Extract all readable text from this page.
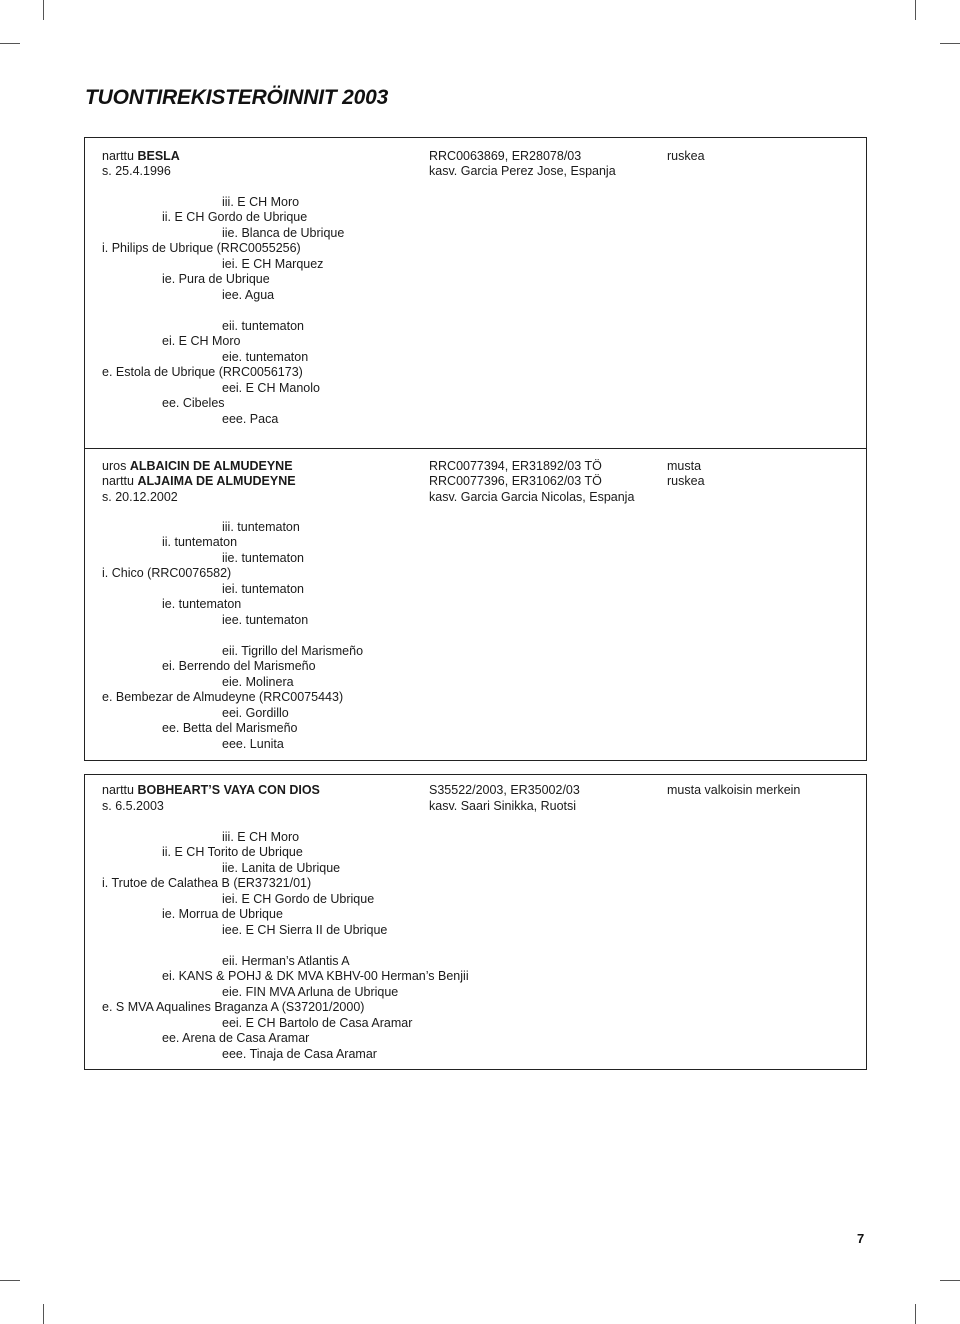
TUONTIREKISTERÖINNIT 2003
narttu BESLA
s. 25.4.1996
RRC0063869, ER28078/03
kasv. Garcia Perez Jose, Espanja
ruskea
iii. E CH Moro
ii. E CH Gordo de Ubrique
iie. Blanca de Ubrique
i. Philips de Ubrique (RRC0055256)
iei. E CH Marquez
ie. Pura de Ubrique
iee. Agua
eii. tuntematon
ei. E CH Moro
eie. tuntematon
e. Estola de Ubrique (RRC0056173)
eei. E CH Manolo
ee. Cibeles
eee. Paca
uros ALBAICIN DE ALMUDEYNE
narttu ALJAIMA DE ALMUDEYNE
s. 20.12.2002
RRC0077394, ER31892/03 TÖ
RRC0077396, ER31062/03 TÖ
kasv. Garcia Garcia Nicolas, Espanja
musta
ruskea
iii. tuntematon
ii. tuntematon
iie. tuntematon
i. Chico (RRC0076582)
iei. tuntematon
ie. tuntematon
iee. tuntematon
eii. Tigrillo del Marismeño
ei. Berrendo del Marismeño
eie. Molinera
e. Bembezar de Almudeyne (RRC0075443)
eei. Gordillo
ee. Betta del Marismeño
eee. Lunita
narttu BOBHEART’S VAYA CON DIOS
s. 6.5.2003
S35522/2003, ER35002/03
kasv. Saari Sinikka, Ruotsi
musta valkoisin merkein
iii. E CH Moro
ii. E CH Torito de Ubrique
iie. Lanita de Ubrique
i. Trutoe de Calathea B (ER37321/01)
iei. E CH Gordo de Ubrique
ie. Morrua de Ubrique
iee. E CH Sierra II de Ubrique
eii. Herman’s Atlantis A
ei. KANS & POHJ & DK MVA KBHV-00 Herman’s Benjii
eie. FIN MVA Arluna de Ubrique
e. S MVA Aqualines Braganza A (S37201/2000)
eei. E CH Bartolo de Casa Aramar
ee. Arena de Casa Aramar
eee. Tinaja de Casa Aramar
7
